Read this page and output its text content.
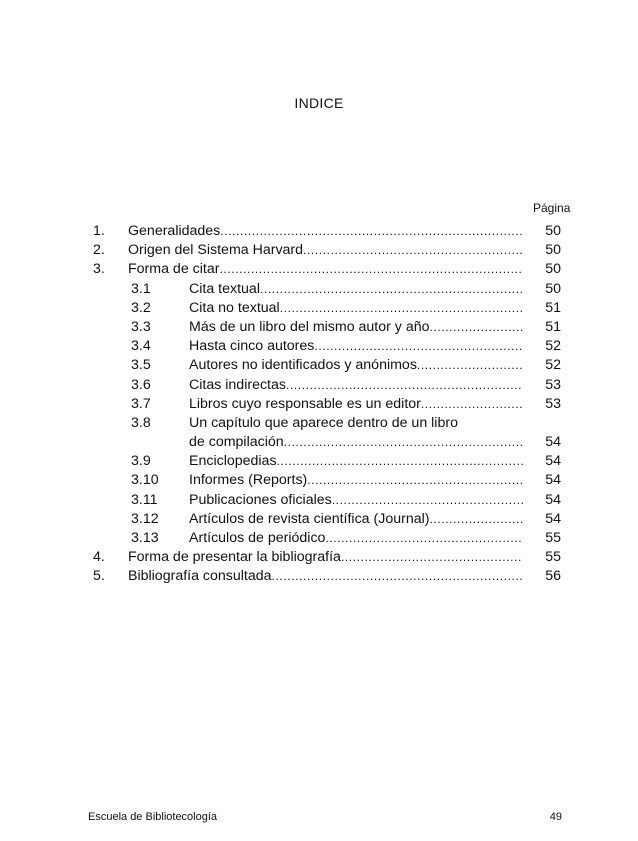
INDICE
Página
1. Generalidades .....	50
2. Origen del Sistema Harvard .....	50
3. Forma de citar .....	50
3.1	Cita textual .....	50
3.2	Cita no textual .....	51
3.3	Más de un libro del mismo autor y año .....	51
3.4	Hasta cinco autores .....	52
3.5	Autores no identificados y anónimos .....	52
3.6	Citas indirectas .....	53
3.7	Libros cuyo responsable es un editor .....	53
3.8	Un capítulo que aparece dentro de un libro
de compilación .....	54
3.9	Enciclopedias .....	54
3.10 Informes (Reports) .....	54
3.11 Publicaciones oficiales .....	54
3.12 Artículos de revista científica (Journal) .....	54
3.13 Artículos de periódico .....	55
4. Forma de presentar la bibliografía .....	55
5. Bibliografía consultada .....	56
Escuela de Bibliotecología	49
